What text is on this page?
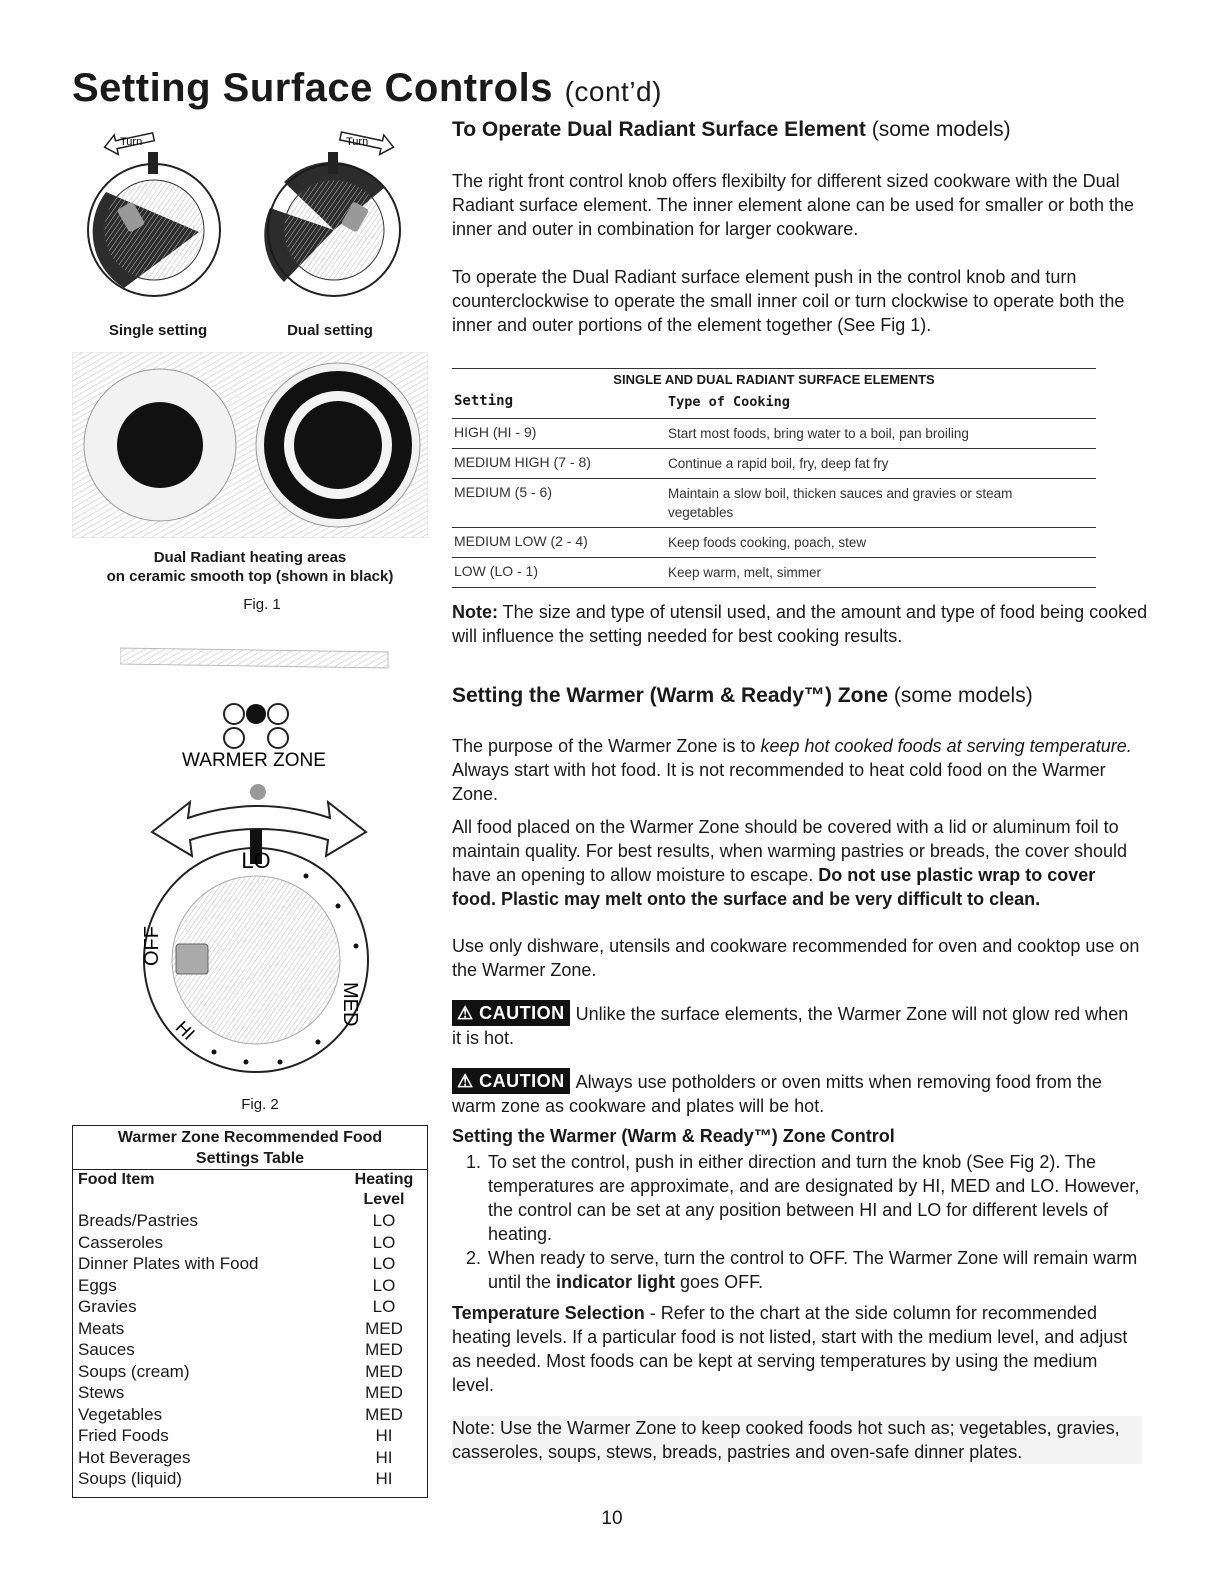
Setting Surface Controls (cont’d)
Turn	Turn
Single setting	Dual setting
Dual Radiant heating areas
on ceramic smooth top (shown in black)
Fig. 1
WARMER ZONE
LO
OFF
MED
HI
Fig. 2
Warmer Zone Recommended Food
Settings Table
Food Item	Heating
Level
Breads/Pastries	LO
Casseroles	LO
Dinner Plates with Food	LO
Eggs	LO
Gravies	LO
Meats	MED
Sauces	MED
Soups (cream)	MED
Stews	MED
Vegetables	MED
Fried Foods	HI
Hot Beverages	HI
Soups (liquid)	HI
To Operate Dual Radiant Surface Element (some models)
The right front control knob offers flexibilty for different sized cookware with the Dual Radiant surface element. The inner element alone can be used for smaller or both the inner and outer in combination for larger cookware.
To operate the Dual Radiant surface element push in the control knob and turn counterclockwise to operate the small inner coil or turn clockwise to operate both the inner and outer portions of the element together (See Fig 1).
SINGLE AND DUAL RADIANT SURFACE ELEMENTS
Setting	Type of Cooking
HIGH (HI - 9)	Start most foods, bring water to a boil, pan broiling
MEDIUM HIGH (7 - 8)	Continue a rapid boil, fry, deep fat fry
MEDIUM (5 - 6)	Maintain a slow boil, thicken sauces and gravies or steam vegetables
MEDIUM LOW (2 - 4)	Keep foods cooking, poach, stew
LOW (LO - 1)	Keep warm, melt, simmer
Note: The size and type of utensil used, and the amount and type of food being cooked will influence the setting needed for best cooking results.
Setting the Warmer (Warm & Ready™) Zone (some models)
The purpose of the Warmer Zone is to keep hot cooked foods at serving temperature. Always start with hot food. It is not recommended to heat cold food on the Warmer Zone.
All food placed on the Warmer Zone should be covered with a lid or aluminum foil to maintain quality. For best results, when warming pastries or breads, the cover should have an opening to allow moisture to escape. Do not use plastic wrap to cover food. Plastic may melt onto the surface and be very difficult to clean.
Use only dishware, utensils and cookware recommended for oven and cooktop use on the Warmer Zone.
⚠ CAUTION Unlike the surface elements, the Warmer Zone will not glow red when it is hot.
⚠ CAUTION Always use potholders or oven mitts when removing food from the warm zone as cookware and plates will be hot.
Setting the Warmer (Warm & Ready™) Zone Control
1. To set the control, push in either direction and turn the knob (See Fig 2). The temperatures are approximate, and are designated by HI, MED and LO. However, the control can be set at any position between HI and LO for different levels of heating.
2. When ready to serve, turn the control to OFF. The Warmer Zone will remain warm until the indicator light goes OFF.
Temperature Selection - Refer to the chart at the side column for recommended heating levels. If a particular food is not listed, start with the medium level, and adjust as needed. Most foods can be kept at serving temperatures by using the medium level.
Note: Use the Warmer Zone to keep cooked foods hot such as; vegetables, gravies, casseroles, soups, stews, breads, pastries and oven-safe dinner plates.
10
